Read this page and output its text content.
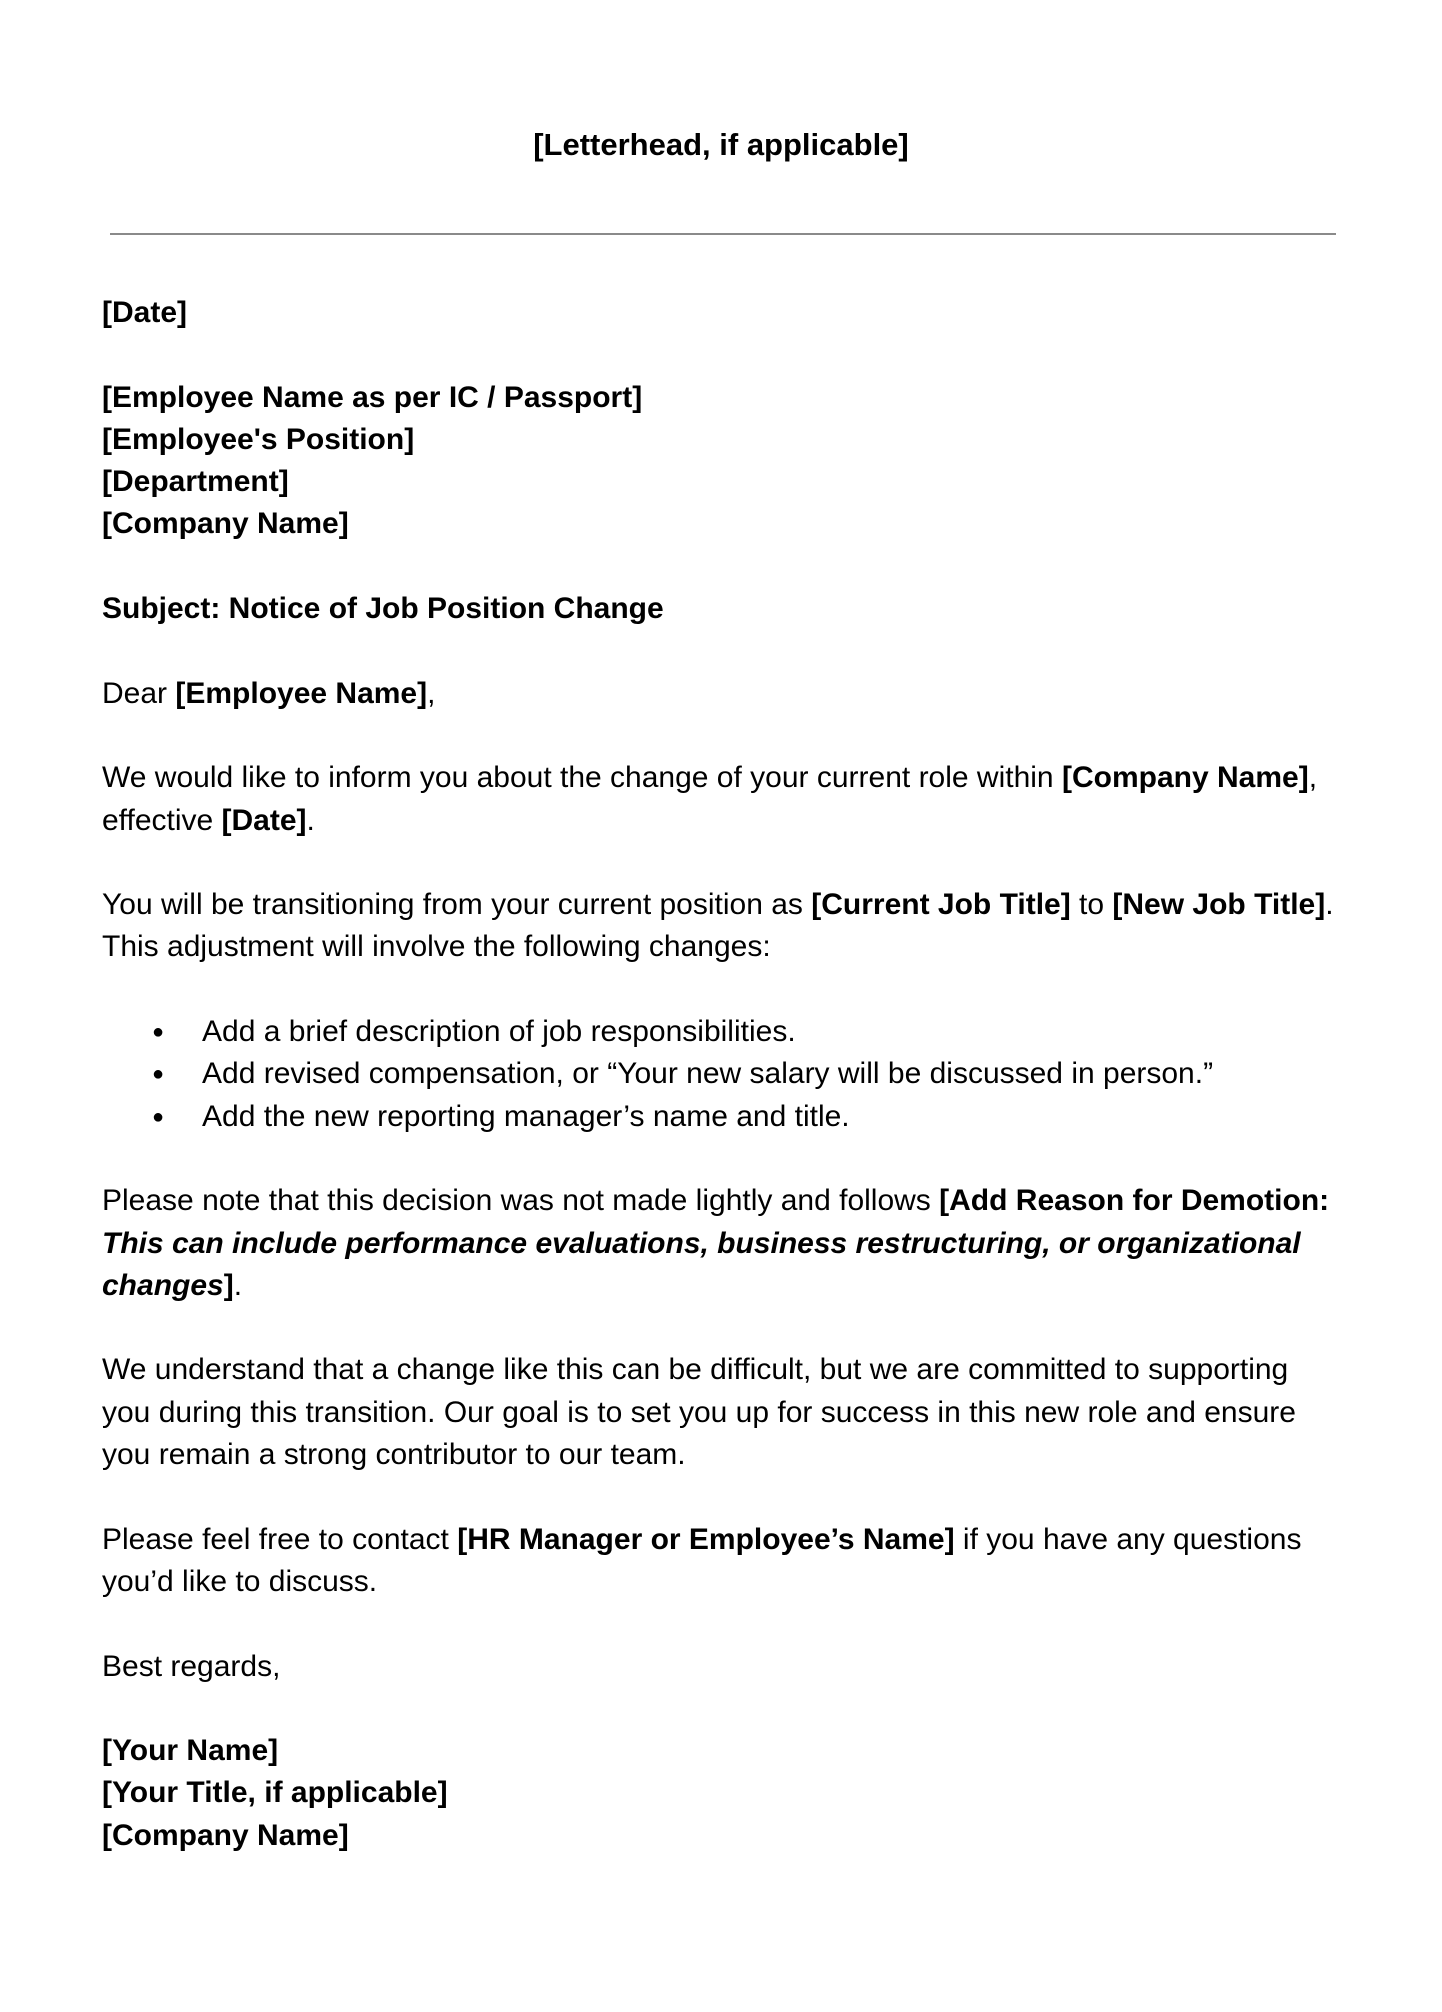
[Letterhead, if applicable]

[Date]

[Employee Name as per IC / Passport]
[Employee's Position]
[Department]
[Company Name]

Subject: Notice of Job Position Change

Dear [Employee Name],

We would like to inform you about the change of your current role within [Company Name], effective [Date].

You will be transitioning from your current position as [Current Job Title] to [New Job Title]. This adjustment will involve the following changes:

● Add a brief description of job responsibilities.
● Add revised compensation, or “Your new salary will be discussed in person.”
● Add the new reporting manager’s name and title.

Please note that this decision was not made lightly and follows [Add Reason for Demotion: This can include performance evaluations, business restructuring, or organizational changes].

We understand that a change like this can be difficult, but we are committed to supporting you during this transition. Our goal is to set you up for success in this new role and ensure you remain a strong contributor to our team.

Please feel free to contact [HR Manager or Employee’s Name] if you have any questions you’d like to discuss.

Best regards,

[Your Name]
[Your Title, if applicable]
[Company Name]
